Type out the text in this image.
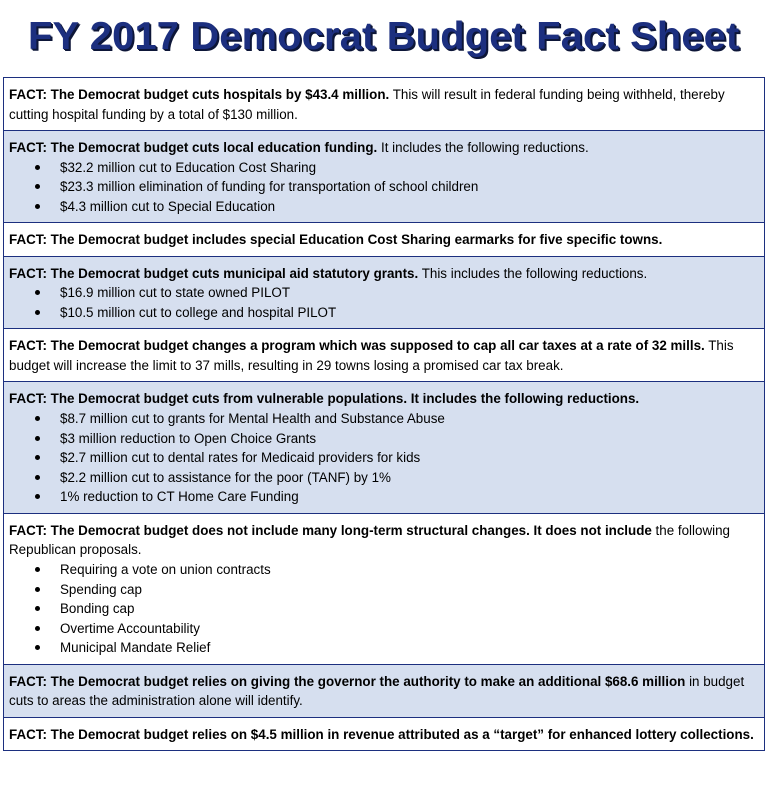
FY 2017 Democrat Budget Fact Sheet
FACT: The Democrat budget cuts hospitals by $43.4 million. This will result in federal funding being withheld, thereby cutting hospital funding by a total of $130 million.
FACT: The Democrat budget cuts local education funding. It includes the following reductions.
$32.2 million cut to Education Cost Sharing
$23.3 million elimination of funding for transportation of school children
$4.3 million cut to Special Education
FACT: The Democrat budget includes special Education Cost Sharing earmarks for five specific towns.
FACT: The Democrat budget cuts municipal aid statutory grants. This includes the following reductions.
$16.9 million cut to state owned PILOT
$10.5 million cut to college and hospital PILOT
FACT: The Democrat budget changes a program which was supposed to cap all car taxes at a rate of 32 mills. This budget will increase the limit to 37 mills, resulting in 29 towns losing a promised car tax break.
FACT: The Democrat budget cuts from vulnerable populations. It includes the following reductions.
$8.7 million cut to grants for Mental Health and Substance Abuse
$3 million reduction to Open Choice Grants
$2.7 million cut to dental rates for Medicaid providers for kids
$2.2 million cut to assistance for the poor (TANF) by 1%
1% reduction to CT Home Care Funding
FACT: The Democrat budget does not include many long-term structural changes. It does not include the following Republican proposals.
Requiring a vote on union contracts
Spending cap
Bonding cap
Overtime Accountability
Municipal Mandate Relief
FACT: The Democrat budget relies on giving the governor the authority to make an additional $68.6 million in budget cuts to areas the administration alone will identify.
FACT: The Democrat budget relies on $4.5 million in revenue attributed as a “target” for enhanced lottery collections.
